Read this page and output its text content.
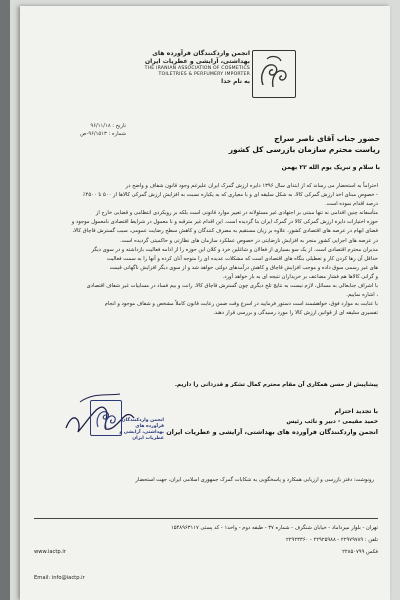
انجمن واردکنندگان فرآورده های
بهداشتی، آرایشی و عطریات ایران
THE IRANIAN ASSOCIATION OF COSMETICS
TOILETRIES & PERFUMERY IMPORTER
به نام خدا
تاریخ : ۹۶/۱۱/۱۸
شماره : ۹۶/۱۵۱۳-ص	حضور جناب آقای ناصر سراج
ریاست محترم سازمان بازرسی کل کشور
با سلام و تبریک یوم الله ۲۲ بهمن

احتراماً به استحضار می رساند که از ابتدای سال ۱۳۹۶ دایره ارزش گمرک ایران علیرغم وجود قانون شفاف و واضح در

- خصوص مبنای اخذ ارزش گمرکی کالا، به شکل سلیقه ای و با معیاری که به یکباره نسبت به افزایش ارزش گمرکی کالاها از ۵۰۰ تا ۴۵۰۰٪

درصد اقدام نموده است.

متأسفانه چنین اقدامی نه تنها مبتنی بر اجتهادی غیر مسئولانه در تغییر موارد قانونی است بلکه بر رویکردی انتظامی و قضایی خارج از

حوزه اختیارات دایره ارزش گمرکی کالا در گمرک ایران بنا گردیده است. این اقدام غیر مترقبه و نا معمول در شرایط اقتصادی نامعمول موجود و

فضای ابهام در عرصه های اقتصادی کشور، علاوه بر زیان مستقیم به مصرف کنندگان و کاهش سطح رضایت عمومی، سبب گسترش قاچاق کالا،

در عرصه های اجرایی کشور منجر به افزایش نارضایتی در خصوص عملکرد سازمان های نظارتی و حاکمیتی گردیده است.

مدیران محترم اقتصادی است. از یک سو بسیاری از فعالان و شاغلین خرد و کلان این حوزه را از ادامه فعالیت بازداشته و در سوی دیگر

حداقل آن رها کردن کار و تعطیلی بنگاه های اقتصادی است که مشکلات عدیده ای را متوجه آنان کرده و آنها را به سمت فعالیت

های غیر رسمی سوق داده و موجب افزایش قاچاق و کاهش درآمدهای دولتی خواهد شد و از سوی دیگر افزایش ناگهانی قیمت

و گرانی کالاها هم فشار مضاعف بر خریداران نتیجه ای به بار خواهد آورد.

با اشراف جنابعالی به مسائل، لازم نیست به نتایج تلخ دیگری چون گسترش قاچاق کالا، رانت و بیم فساد در مسابیات غیر شفاف اقتصادی

، اشاره نماییم.

با عنایت به موارد فوق، خواهشمند است دستور فرمایید در اسرع وقت ضمن رعایت قانون کاملاً مشخص و شفاف موجود و انجام

تفسیری سلیقه ای از قوانین ارزش کالا را مورد رسیدگی و بررسی قرار دهند.

پیشاپیش از حسن همکاری آن مقام محترم کمال تشکر و قدردانی را داریم.
انجمن واردکنندگان فرآورده های
بهداشتی، آرایشی و عطریات ایران
با تجدید احترام
حمید مقیمی - دبیر و نائب رئیس
انجمن واردکنندگان فرآورده های بهداشتی، آرایشی و عطریات ایران
رونوشت: دفتر بازرسی و ارزیابی همکارد و پاسخگویی به شکایات گمرک جمهوری اسلامی ایران، جهت استحضار
تهران - بلوار میرداماد - خیابان شنگرف - شماره ۳۷ - طبقه دوم - واحد۱ - کد پستی ۱۵۴۸۹۶۳۱۱۷
تلفن : ۲۲۹۷۹۷۸۹ - ۲۲۹۲۵۹۸۸ - ۲۲۹۲۳۳۶۰
فکس ۲۲۸۵۰۷۹۹
www.iactp.ir
Email: info@iactp.ir
